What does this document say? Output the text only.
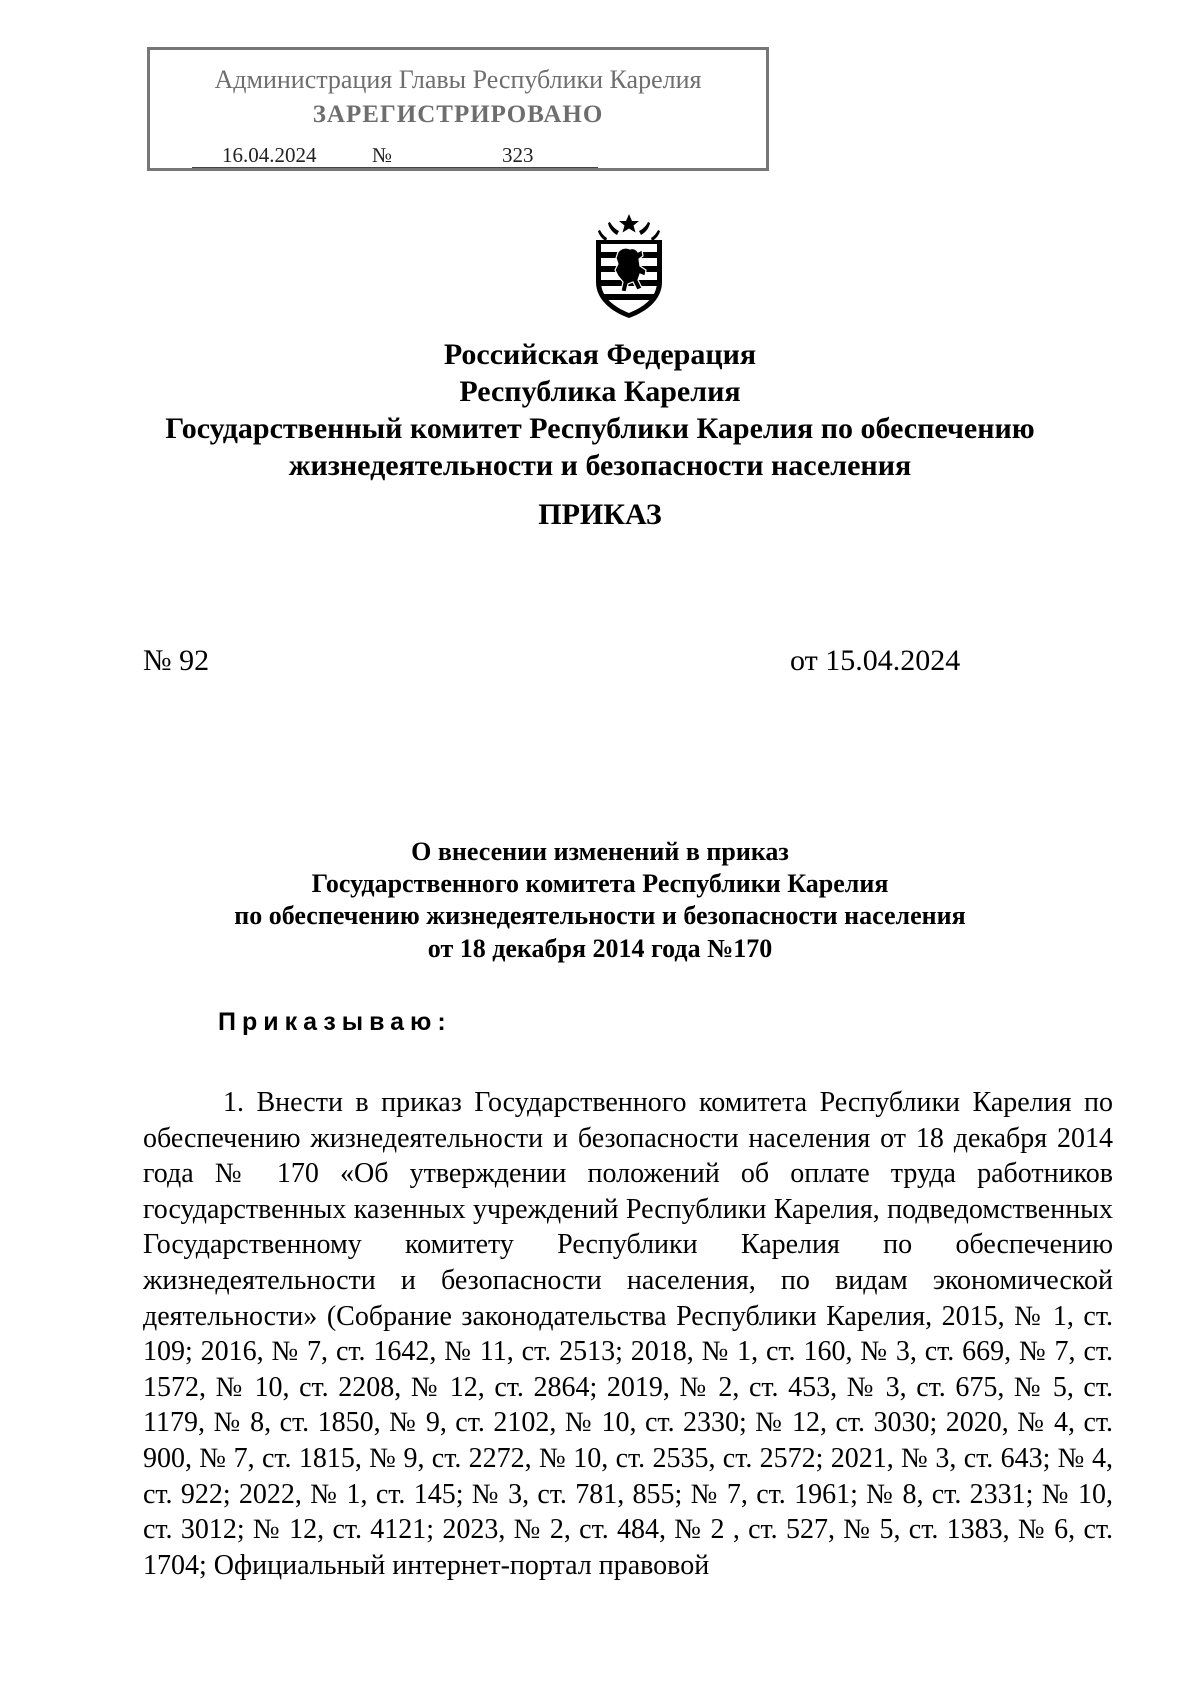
Администрация Главы Республики Карелия
ЗАРЕГИСТРИРОВАНО
16.04.2024	№	323
Российская Федерация
Республика Карелия
Государственный комитет Республики Карелия по обеспечению
жизнедеятельности и безопасности населения
ПРИКАЗ
№ 92	от 15.04.2024
О внесении изменений в приказ
Государственного комитета Республики Карелия
по обеспечению жизнедеятельности и безопасности населения
от 18 декабря 2014 года №170
Приказываю:

1. Внести в приказ Государственного комитета Республики Карелия по обеспечению жизнедеятельности и безопасности населения от 18 декабря 2014 года № 170 «Об утверждении положений об оплате труда работников государственных казенных учреждений Республики Карелия, подведомственных Государственному комитету Республики Карелия по обеспечению жизнедеятельности и безопасности населения, по видам экономической деятельности» (Собрание законодательства Республики Карелия, 2015, № 1, ст. 109; 2016, № 7, ст. 1642, № 11, ст. 2513; 2018, № 1, ст. 160, № 3, ст. 669, № 7, ст. 1572, № 10, ст. 2208, № 12, ст. 2864; 2019, № 2, ст. 453, № 3, ст. 675, № 5, ст. 1179, № 8, ст. 1850, № 9, ст. 2102, № 10, ст. 2330; № 12, ст. 3030; 2020, № 4, ст. 900, № 7, ст. 1815, № 9, ст. 2272, № 10, ст. 2535, ст. 2572; 2021, № 3, ст. 643; № 4, ст. 922; 2022, № 1, ст. 145; № 3, ст. 781, 855; № 7, ст. 1961; № 8, ст. 2331; № 10, ст. 3012; № 12, ст. 4121; 2023, № 2, ст. 484, № 2 , ст. 527, № 5, ст. 1383, № 6, ст. 1704; Официальный интернет-портал правовой
